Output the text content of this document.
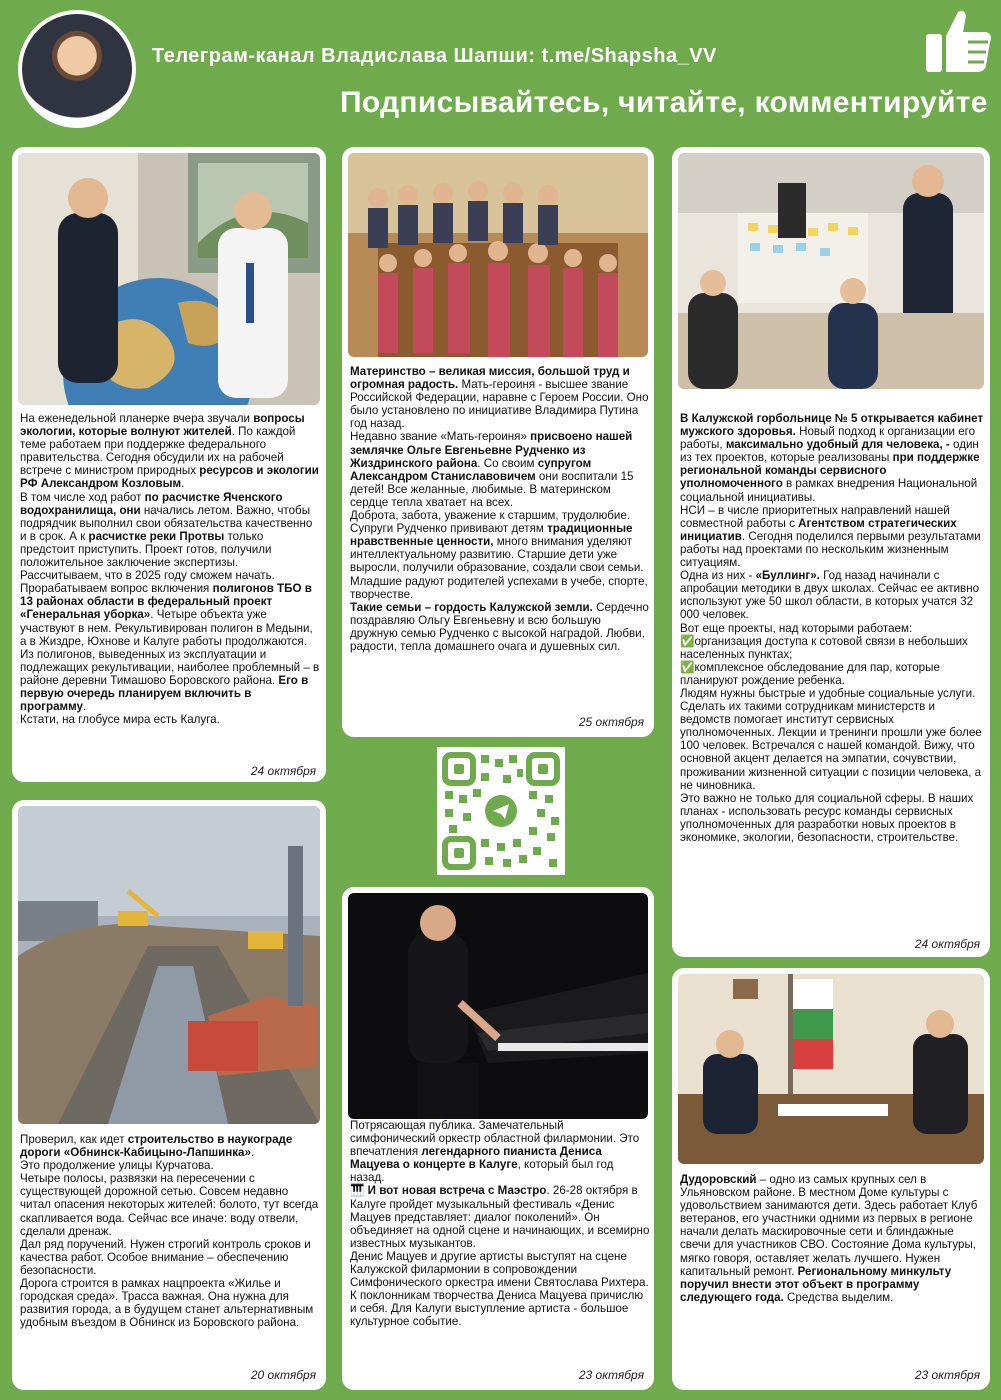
Телеграм-канал Владислава Шапши: t.me/Shapsha_VV
Подписывайтесь, читайте, комментируйте

На еженедельной планерке вчера звучали вопросы экологии, которые волнуют жителей. По каждой теме работаем при поддержке федерального правительства. Сегодня обсудили их на рабочей встрече с министром природных ресурсов и экологии РФ Александром Козловым.

В том числе ход работ по расчистке Яченского водохранилища, они начались летом. Важно, чтобы подрядчик выполнил свои обязательства качественно и в срок. А к расчистке реки Протвы только предстоит приступить. Проект готов, получили положительное заключение экспертизы. Рассчитываем, что в 2025 году сможем начать.

Прорабатываем вопрос включения полигонов ТБО в 13 районах области в федеральный проект «Генеральная уборка». Четыре объекта уже участвуют в нем. Рекультивирован полигон в Медыни, а в Жиздре, Юхнове и Калуге работы продолжаются. Из полигонов, выведенных из эксплуатации и подлежащих рекультивации, наиболее проблемный – в районе деревни Тимашово Боровского района. Его в первую очередь планируем включить в программу.

Кстати, на глобусе мира есть Калуга.

24 октября

Материнство – великая миссия, большой труд и огромная радость. Мать-героиня - высшее звание Российской Федерации, наравне с Героем России. Оно было установлено по инициативе Владимира Путина год назад.

Недавно звание «Мать-героиня» присвоено нашей землячке Ольге Евгеньевне Рудченко из Жиздринского района. Со своим супругом Александром Станиславовичем они воспитали 15 детей! Все желанные, любимые. В материнском сердце тепла хватает на всех.

Доброта, забота, уважение к старшим, трудолюбие. Супруги Рудченко прививают детям традиционные нравственные ценности, много внимания уделяют интеллектуальному развитию. Старшие дети уже выросли, получили образование, создали свои семьи. Младшие радуют родителей успехами в учебе, спорте, творчестве.

Такие семьи – гордость Калужской земли. Сердечно поздравляю Ольгу Евгеньевну и всю большую дружную семью Рудченко с высокой наградой. Любви, радости, тепла домашнего очага и душевных сил.

25 октября

В Калужской горбольнице № 5 открывается кабинет мужского здоровья. Новый подход к организации его работы, максимально удобный для человека, - один из тех проектов, которые реализованы при поддержке региональной команды сервисного уполномоченного в рамках внедрения Национальной социальной инициативы.

НСИ – в числе приоритетных направлений нашей совместной работы с Агентством стратегических инициатив. Сегодня поделился первыми результатами работы над проектами по нескольким жизненным ситуациям.

Одна из них - «Буллинг». Год назад начинали с апробации методики в двух школах. Сейчас ее активно используют уже 50 школ области, в которых учатся 32 000 человек.

Вот еще проекты, над которыми работаем:

✅организация доступа к сотовой связи в небольших населенных пунктах;

✅комплексное обследование для пар, которые планируют рождение ребенка.

Людям нужны быстрые и удобные социальные услуги. Сделать их такими сотрудникам министерств и ведомств помогает институт сервисных уполномоченных. Лекции и тренинги прошли уже более 100 человек. Встречался с нашей командой. Вижу, что основной акцент делается на эмпатии, сочувствии, проживании жизненной ситуации с позиции человека, а не чиновника.

Это важно не только для социальной сферы. В наших планах - использовать ресурс команды сервисных уполномоченных для разработки новых проектов в экономике, экологии, безопасности, строительстве.

24 октября

Проверил, как идет строительство в наукограде дороги «Обнинск-Кабицыно-Лапшинка».

Это продолжение улицы Курчатова.

Четыре полосы, развязки на пересечении с существующей дорожной сетью. Совсем недавно читал опасения некоторых жителей: болото, тут всегда скапливается вода. Сейчас все иначе: воду отвели, сделали дренаж.

Дал ряд поручений. Нужен строгий контроль сроков и качества работ. Особое внимание – обеспечению безопасности.

Дорога строится в рамках нацпроекта «Жилье и городская среда». Трасса важная. Она нужна для развития города, а в будущем станет альтернативным удобным въездом в Обнинск из Боровского района.

20 октября

Потрясающая публика. Замечательный симфонический оркестр областной филармонии. Это впечатления легендарного пианиста Дениса Мацуева о концерте в Калуге, который был год назад.

🎹 И вот новая встреча с Маэстро. 26-28 октября в Калуге пройдет музыкальный фестиваль «Денис Мацуев представляет: диалог поколений». Он объединяет на одной сцене и начинающих, и всемирно известных музыкантов.

Денис Мацуев и другие артисты выступят на сцене Калужской филармонии в сопровождении Симфонического оркестра имени Святослава Рихтера.

К поклонникам творчества Дениса Мацуева причислю и себя. Для Калуги выступление артиста - большое культурное событие.

23 октября

Дудоровский – одно из самых крупных сел в Ульяновском районе. В местном Доме культуры с удовольствием занимаются дети. Здесь работает Клуб ветеранов, его участники одними из первых в регионе начали делать маскировочные сети и блиндажные свечи для участников СВО. Состояние Дома культуры, мягко говоря, оставляет желать лучшего. Нужен капитальный ремонт. Региональному минкульту поручил внести этот объект в программу следующего года. Средства выделим.

23 октября
